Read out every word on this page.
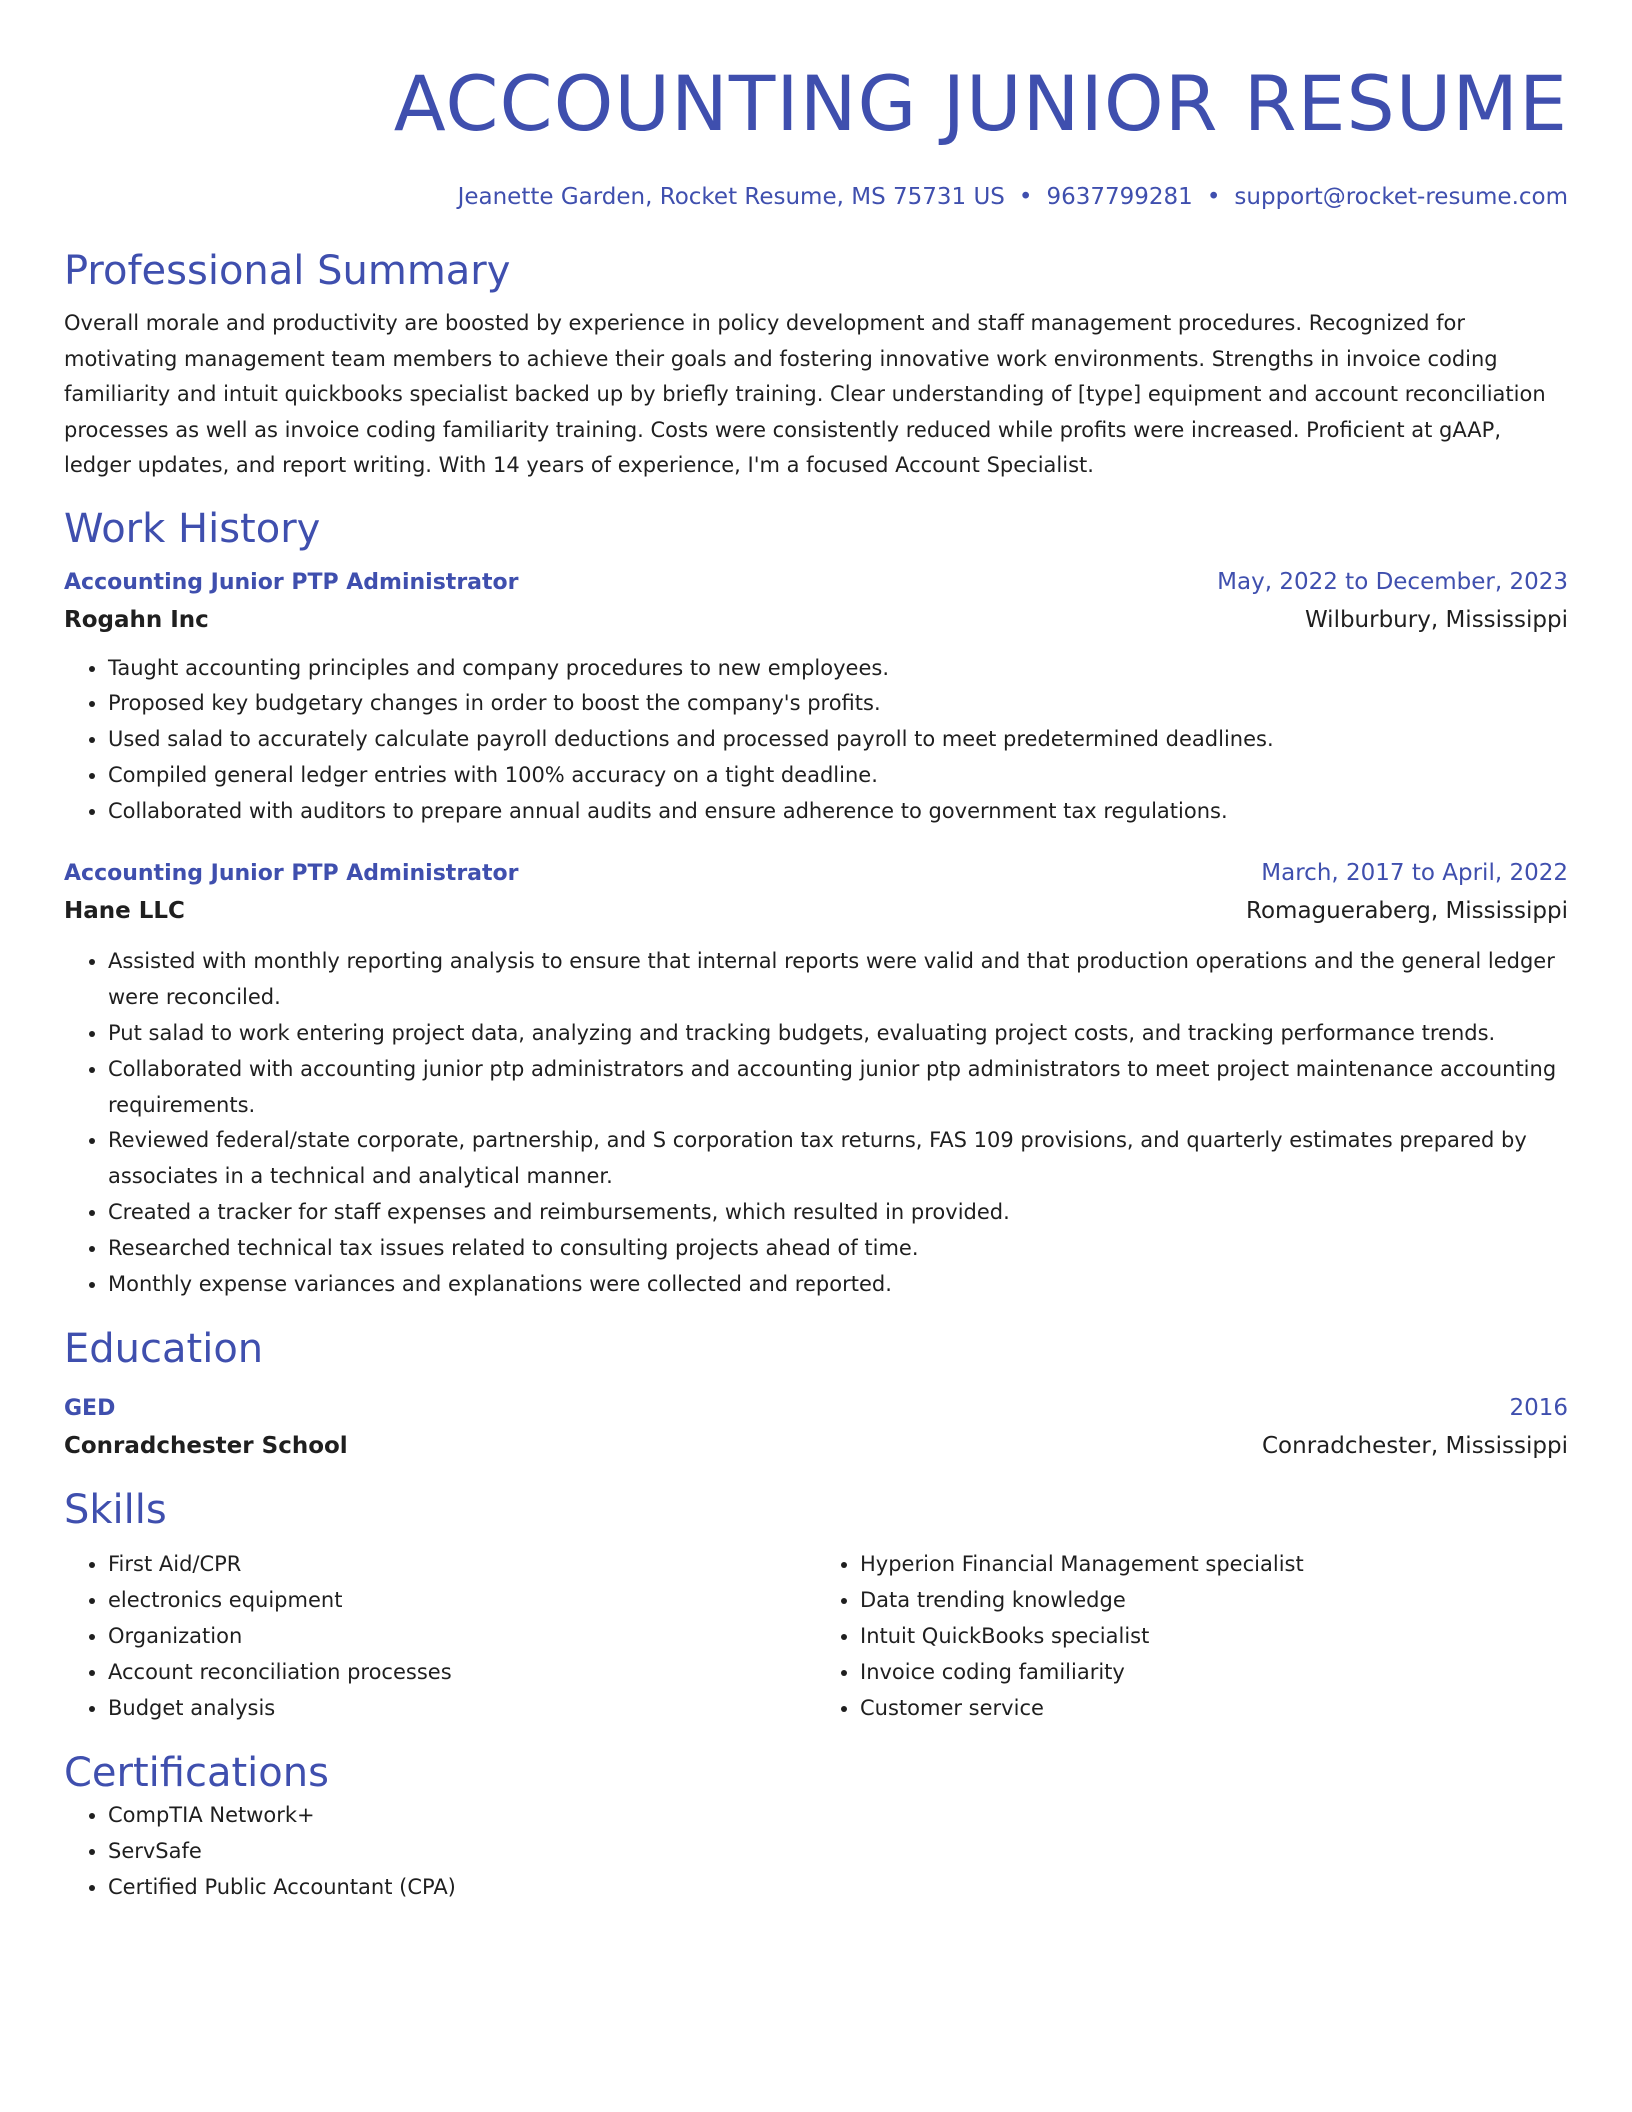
ACCOUNTING JUNIOR RESUME
Jeanette Garden, Rocket Resume, MS 75731 US • 9637799281 • support@rocket-resume.com
Professional Summary
Overall morale and productivity are boosted by experience in policy development and staff management procedures. Recognized for motivating management team members to achieve their goals and fostering innovative work environments. Strengths in invoice coding familiarity and intuit quickbooks specialist backed up by briefly training. Clear understanding of [type] equipment and account reconciliation processes as well as invoice coding familiarity training. Costs were consistently reduced while profits were increased. Proficient at gAAP, ledger updates, and report writing. With 14 years of experience, I'm a focused Account Specialist.
Work History
Accounting Junior PTP Administrator	May, 2022 to December, 2023
Rogahn Inc	Wilburbury, Mississippi
• Taught accounting principles and company procedures to new employees.
• Proposed key budgetary changes in order to boost the company's profits.
• Used salad to accurately calculate payroll deductions and processed payroll to meet predetermined deadlines.
• Compiled general ledger entries with 100% accuracy on a tight deadline.
• Collaborated with auditors to prepare annual audits and ensure adherence to government tax regulations.
Accounting Junior PTP Administrator	March, 2017 to April, 2022
Hane LLC	Romagueraberg, Mississippi
• Assisted with monthly reporting analysis to ensure that internal reports were valid and that production operations and the general ledger were reconciled.
• Put salad to work entering project data, analyzing and tracking budgets, evaluating project costs, and tracking performance trends.
• Collaborated with accounting junior ptp administrators and accounting junior ptp administrators to meet project maintenance accounting requirements.
• Reviewed federal/state corporate, partnership, and S corporation tax returns, FAS 109 provisions, and quarterly estimates prepared by associates in a technical and analytical manner.
• Created a tracker for staff expenses and reimbursements, which resulted in provided.
• Researched technical tax issues related to consulting projects ahead of time.
• Monthly expense variances and explanations were collected and reported.
Education
GED	2016
Conradchester School	Conradchester, Mississippi
Skills
• First Aid/CPR
• electronics equipment
• Organization
• Account reconciliation processes
• Budget analysis
• Hyperion Financial Management specialist
• Data trending knowledge
• Intuit QuickBooks specialist
• Invoice coding familiarity
• Customer service
Certifications
• CompTIA Network+
• ServSafe
• Certified Public Accountant (CPA)
